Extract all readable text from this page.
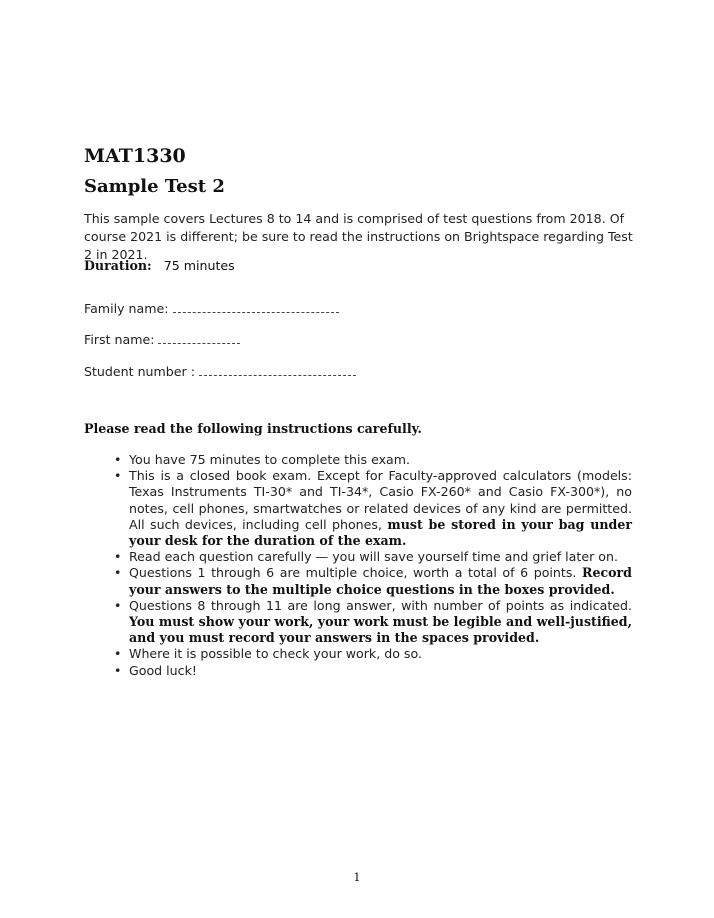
MAT1330
Sample Test 2
This sample covers Lectures 8 to 14 and is comprised of test questions from 2018. Of course 2021 is different; be sure to read the instructions on Brightspace regarding Test 2 in 2021.
Duration: 75 minutes
Family name:
First name:
Student number :
Please read the following instructions carefully.
• You have 75 minutes to complete this exam.
• This is a closed book exam. Except for Faculty-approved calculators (models: Texas Instruments TI-30* and TI-34*, Casio FX-260* and Casio FX-300*), no notes, cell phones, smartwatches or related devices of any kind are permitted. All such devices, including cell phones, must be stored in your bag under your desk for the duration of the exam.
• Read each question carefully — you will save yourself time and grief later on.
• Questions 1 through 6 are multiple choice, worth a total of 6 points. Record your answers to the multiple choice questions in the boxes provided.
• Questions 8 through 11 are long answer, with number of points as indicated. You must show your work, your work must be legible and well-justified, and you must record your answers in the spaces provided.
• Where it is possible to check your work, do so.
• Good luck!
1
